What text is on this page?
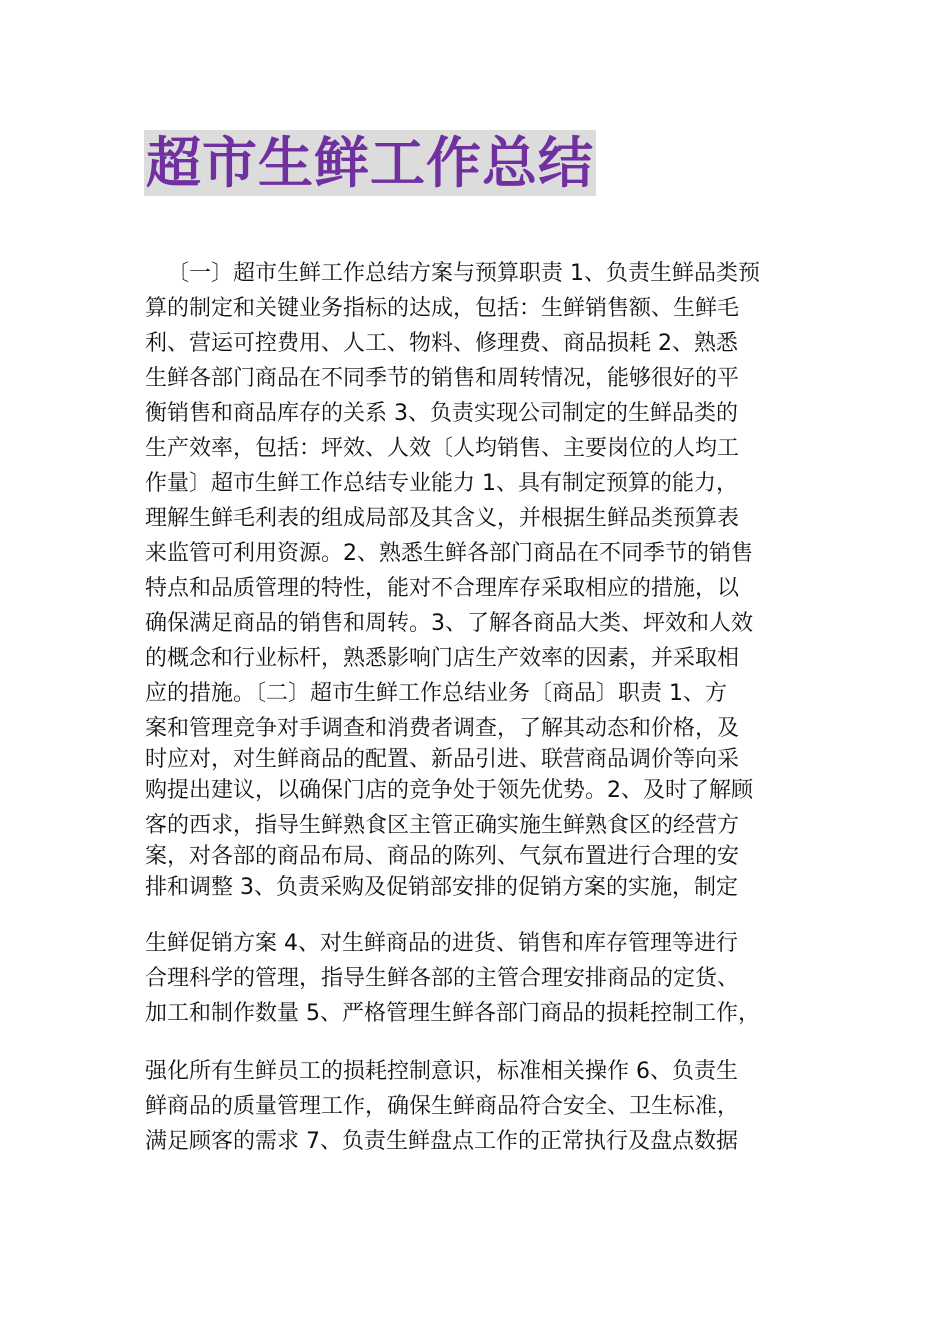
超市生鲜工作总结
〔一〕超市生鲜工作总结方案与预算职责 1、负责生鲜品类预
算的制定和关键业务指标的达成，包括：生鲜销售额、生鲜毛
利、营运可控费用、人工、物料、修理费、商品损耗 2、熟悉
生鲜各部门商品在不同季节的销售和周转情况，能够很好的平
衡销售和商品库存的关系 3、负责实现公司制定的生鲜品类的
生产效率，包括：坪效、人效〔人均销售、主要岗位的人均工
作量〕超市生鲜工作总结专业能力 1、具有制定预算的能力，
理解生鲜毛利表的组成局部及其含义，并根据生鲜品类预算表
来监管可利用资源。2、熟悉生鲜各部门商品在不同季节的销售
特点和品质管理的特性，能对不合理库存采取相应的措施，以
确保满足商品的销售和周转。3、了解各商品大类、坪效和人效
的概念和行业标杆，熟悉影响门店生产效率的因素，并采取相
应的措施。〔二〕超市生鲜工作总结业务〔商品〕职责 1、方
案和管理竞争对手调查和消费者调查，了解其动态和价格，及
时应对，对生鲜商品的配置、新品引进、联营商品调价等向采
购提出建议，以确保门店的竞争处于领先优势。2、及时了解顾
客的西求，指导生鲜熟食区主管正确实施生鲜熟食区的经营方
案，对各部的商品布局、商品的陈列、气氛布置进行合理的安
排和调整 3、负责采购及促销部安排的促销方案的实施，制定
生鲜促销方案 4、对生鲜商品的进货、销售和库存管理等进行
合理科学的管理，指导生鲜各部的主管合理安排商品的定货、
加工和制作数量 5、严格管理生鲜各部门商品的损耗控制工作，
强化所有生鲜员工的损耗控制意识，标准相关操作 6、负责生
鲜商品的质量管理工作，确保生鲜商品符合安全、卫生标准，
满足顾客的需求 7、负责生鲜盘点工作的正常执行及盘点数据
